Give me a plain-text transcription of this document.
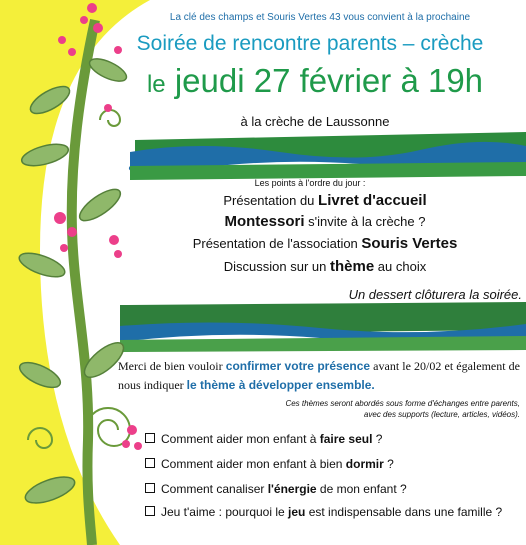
La clé des champs et Souris Vertes 43 vous convient à la prochaine
Soirée de rencontre parents – crèche
le jeudi 27 février à 19h
à la crèche de Laussonne
Les points à l'ordre du jour :
Présentation du Livret d'accueil
Montessori s'invite à la crèche ?
Présentation de l'association Souris Vertes
Discussion sur un thème au choix
Un dessert clôturera la soirée.
Merci de bien vouloir confirmer votre présence avant le 20/02 et également de nous indiquer le thème à développer ensemble.
Ces thèmes seront abordés sous forme d'échanges entre parents,
avec des supports (lecture, articles, vidéos).
Comment aider mon enfant à faire seul ?
Comment aider mon enfant à bien dormir ?
Comment canaliser l'énergie de mon enfant ?
Jeu t'aime : pourquoi le jeu est indispensable dans une famille ?
